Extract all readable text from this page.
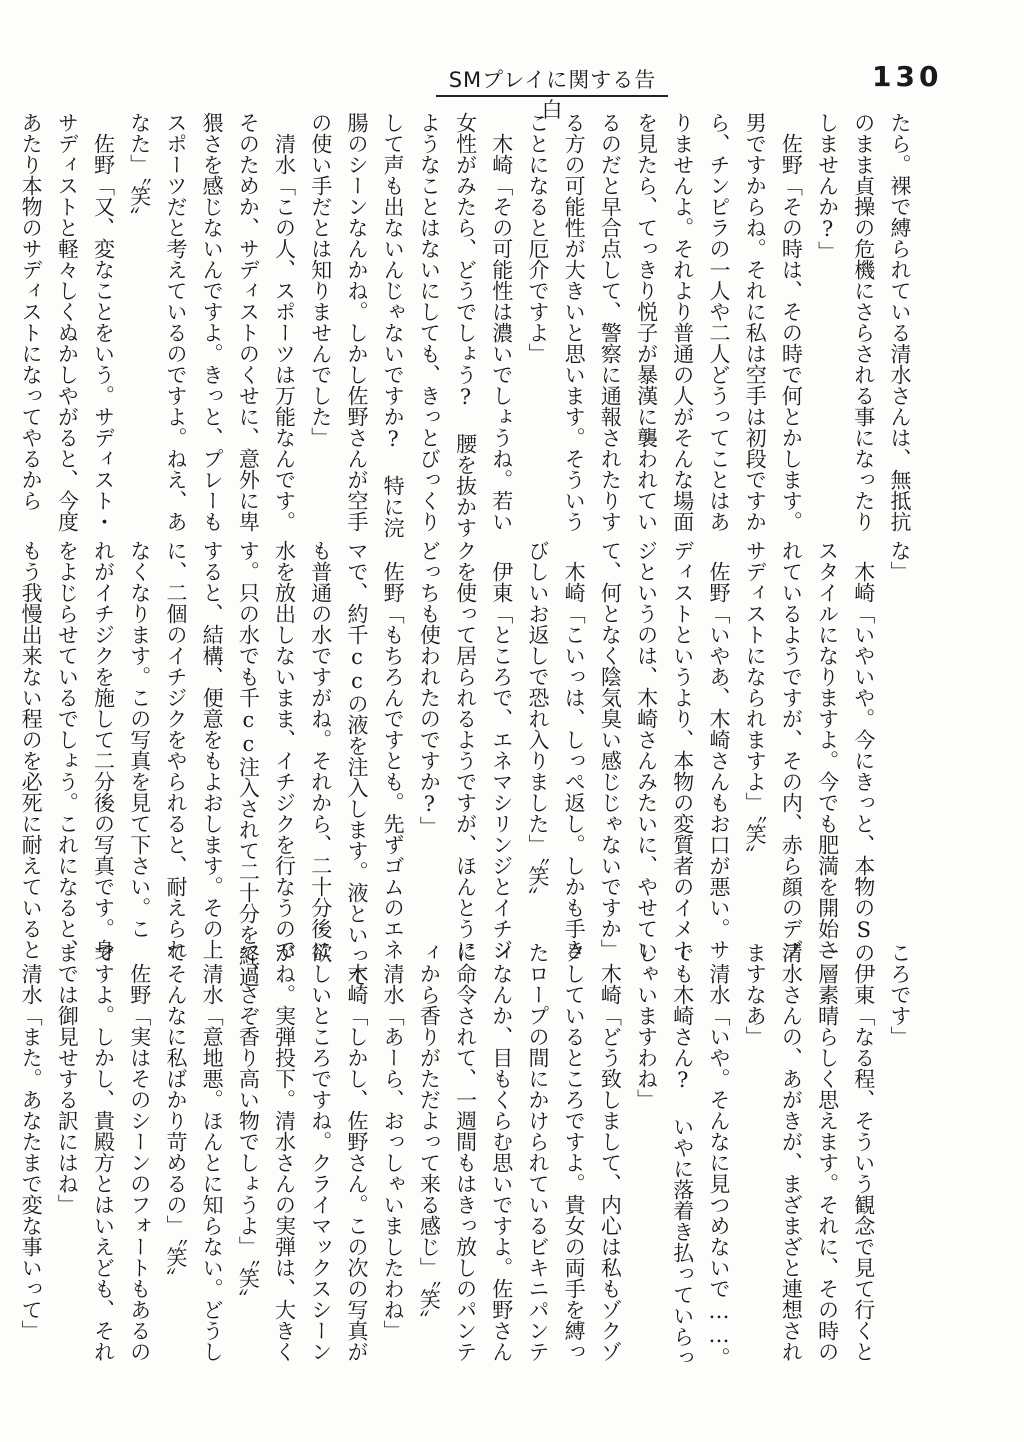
SMプレイに関する告白
130
たら。裸で縛られている清水さんは、無抵抗
のまま貞操の危機にさらされる事になったり
しませんか?」
　佐野「その時は、その時で何とかします。
男ですからね。それに私は空手は初段ですか
ら、チンピラの一人や二人どうってことはあ
りませんよ。それより普通の人がそんな場面
を見たら、てっきり悦子が暴漢に襲われてい
るのだと早合点して、警察に通報されたりす
る方の可能性が大きいと思います。そういう
ことになると厄介ですよ」
　木崎「その可能性は濃いでしょうね。若い
女性がみたら、どうでしょう? 腰を抜かす
ようなことはないにしても、きっとびっくり
して声も出ないんじゃないですか? 特に浣
腸のシーンなんかね。しかし佐野さんが空手
の使い手だとは知りませんでした」
　清水「この人、スポーツは万能なんです。
そのためか、サディストのくせに、意外に卑
猥さを感じないんですよ。きっと、プレーも
スポーツだと考えているのですよ。ねえ、あ
なた」〝笑〟
　佐野「又、変なことをいう。サディスト・
サディストと軽々しくぬかしやがると、今度
あたり本物のサディストになってやるから
な」
　木崎「いやいや。今にきっと、本物のSの
スタイルになりますよ。今でも肥満を開始さ
れているようですが、その内、赤ら顔のデブ
サディストになられますよ」〝笑〟
　佐野「いやあ、木崎さんもお口が悪い。サ
ディストというより、本物の変質者のイメー
ジというのは、木崎さんみたいに、やせてい
て、何となく陰気臭い感じじゃないですか」
　木崎「こいっは、しっぺ返し。しかも手き
びしいお返しで恐れ入りました」〝笑〟
　伊東「ところで、エネマシリンジとイチジ
クを使って居られるようですが、ほんとうに
どっちも使われたのですか?」
　佐野「もちろんですとも。先ずゴムのエネ
マで、約千ccの液を注入します。液といって
も普通の水ですがね。それから、二十分後に
水を放出しないまま、イチジクを行なうので
す。只の水でも千cc注入されて二十分を経過
すると、結構、便意をもよおします。その上
に、二個のイチジクをやられると、耐えられ
なくなります。この写真を見て下さい。こ
れがイチジクを施して二分後の写真です。身
をよじらせているでしょう。これになると、
もう我慢出来ない程のを必死に耐えていると
ころです」
　伊東「なる程、そういう観念で見て行くと
一層素晴らしく思えます。それに、その時の
清水さんの、あがきが、まざまざと連想され
ますなあ」
　清水「いや。そんなに見つめないで……。
でも木崎さん? いやに落着き払っていらっ
しゃいますわね」
　木崎「どう致しまして、内心は私もゾクゾ
クしているところですよ。貴女の両手を縛っ
たロープの間にかけられているビキニパンテ
ィなんか、目もくらむ思いですよ。佐野さん
に命令されて、一週間もはきっ放しのパンテ
ィから香りがただよって来る感じ」〝笑〟
　清水「あーら、おっしゃいましたわね」
　木崎「しかし、佐野さん。この次の写真が
欲しいところですね。クライマックスシーン
がね。実弾投下。清水さんの実弾は、大きく
て、さぞ香り高い物でしょうよ」〝笑〟
　清水「意地悪。ほんとに知らない。どうし
てそんなに私ばかり苛めるの」〝笑〟
　佐野「実はそのシーンのフォートもあるの
ですよ。しかし、貴殿方とはいえども、それ
までは御見せする訳にはね」
　清水「また。あなたまで変な事いって」
